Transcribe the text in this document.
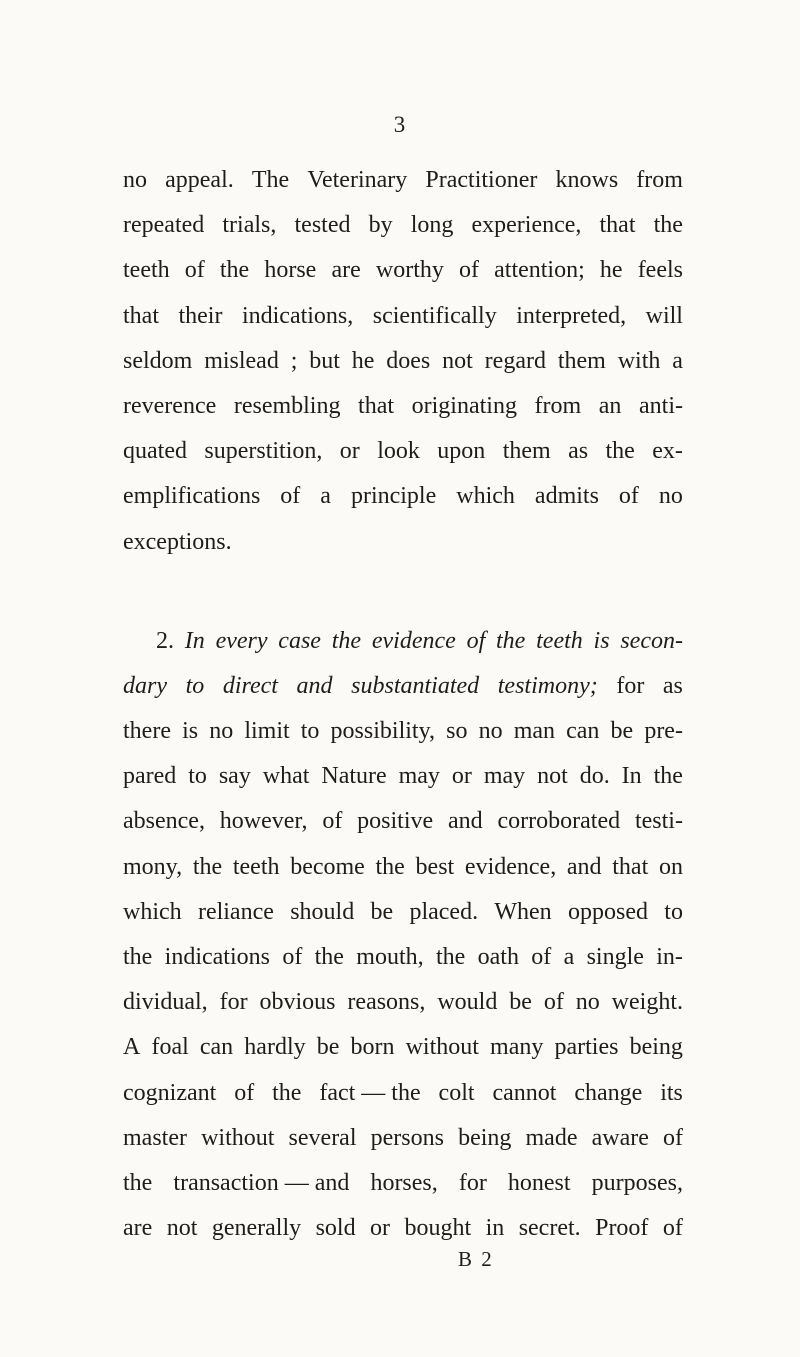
3
no appeal. The Veterinary Practitioner knows from
repeated trials, tested by long experience, that the
teeth of the horse are worthy of attention; he feels
that their indications, scientifically interpreted, will
seldom mislead ; but he does not regard them with a
reverence resembling that originating from an anti-
quated superstition, or look upon them as the ex-
emplifications of a principle which admits of no
exceptions.
2. In every case the evidence of the teeth is secon-
dary to direct and substantiated testimony; for as
there is no limit to possibility, so no man can be pre-
pared to say what Nature may or may not do. In the
absence, however, of positive and corroborated testi-
mony, the teeth become the best evidence, and that on
which reliance should be placed. When opposed to
the indications of the mouth, the oath of a single in-
dividual, for obvious reasons, would be of no weight.
A foal can hardly be born without many parties being
cognizant of the fact — the colt cannot change its
master without several persons being made aware of
the transaction — and horses, for honest purposes,
are not generally sold or bought in secret. Proof of
B 2
